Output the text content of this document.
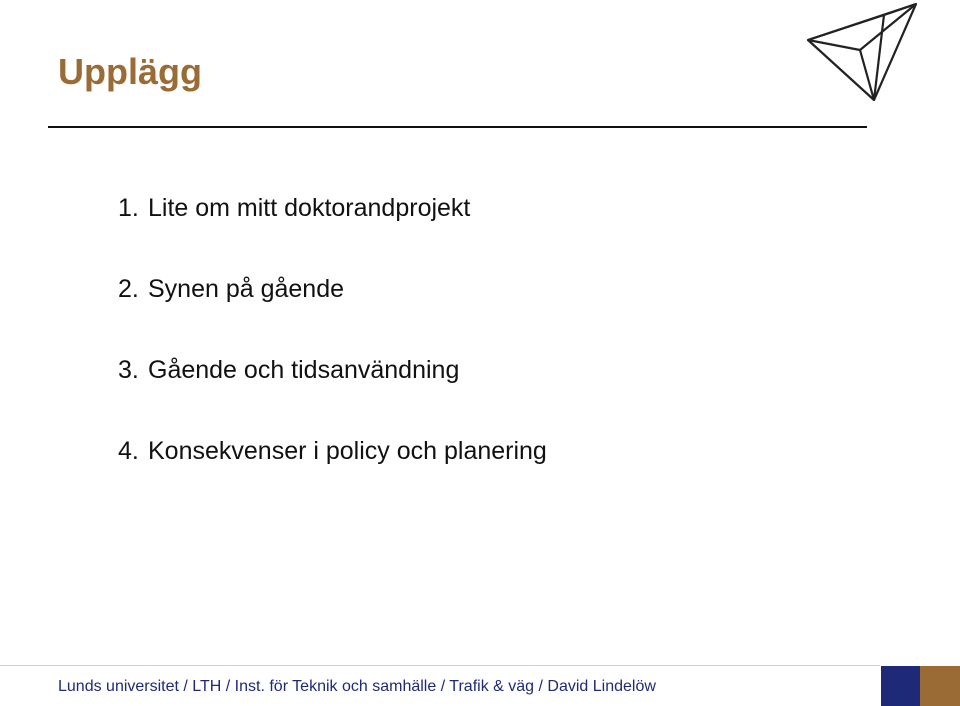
Upplägg
1. Lite om mitt doktorandprojekt
2. Synen på gående
3. Gående och tidsanvändning
4. Konsekvenser i policy och planering
Lunds universitet / LTH / Inst. för Teknik och samhälle / Trafik & väg / David Lindelöw
